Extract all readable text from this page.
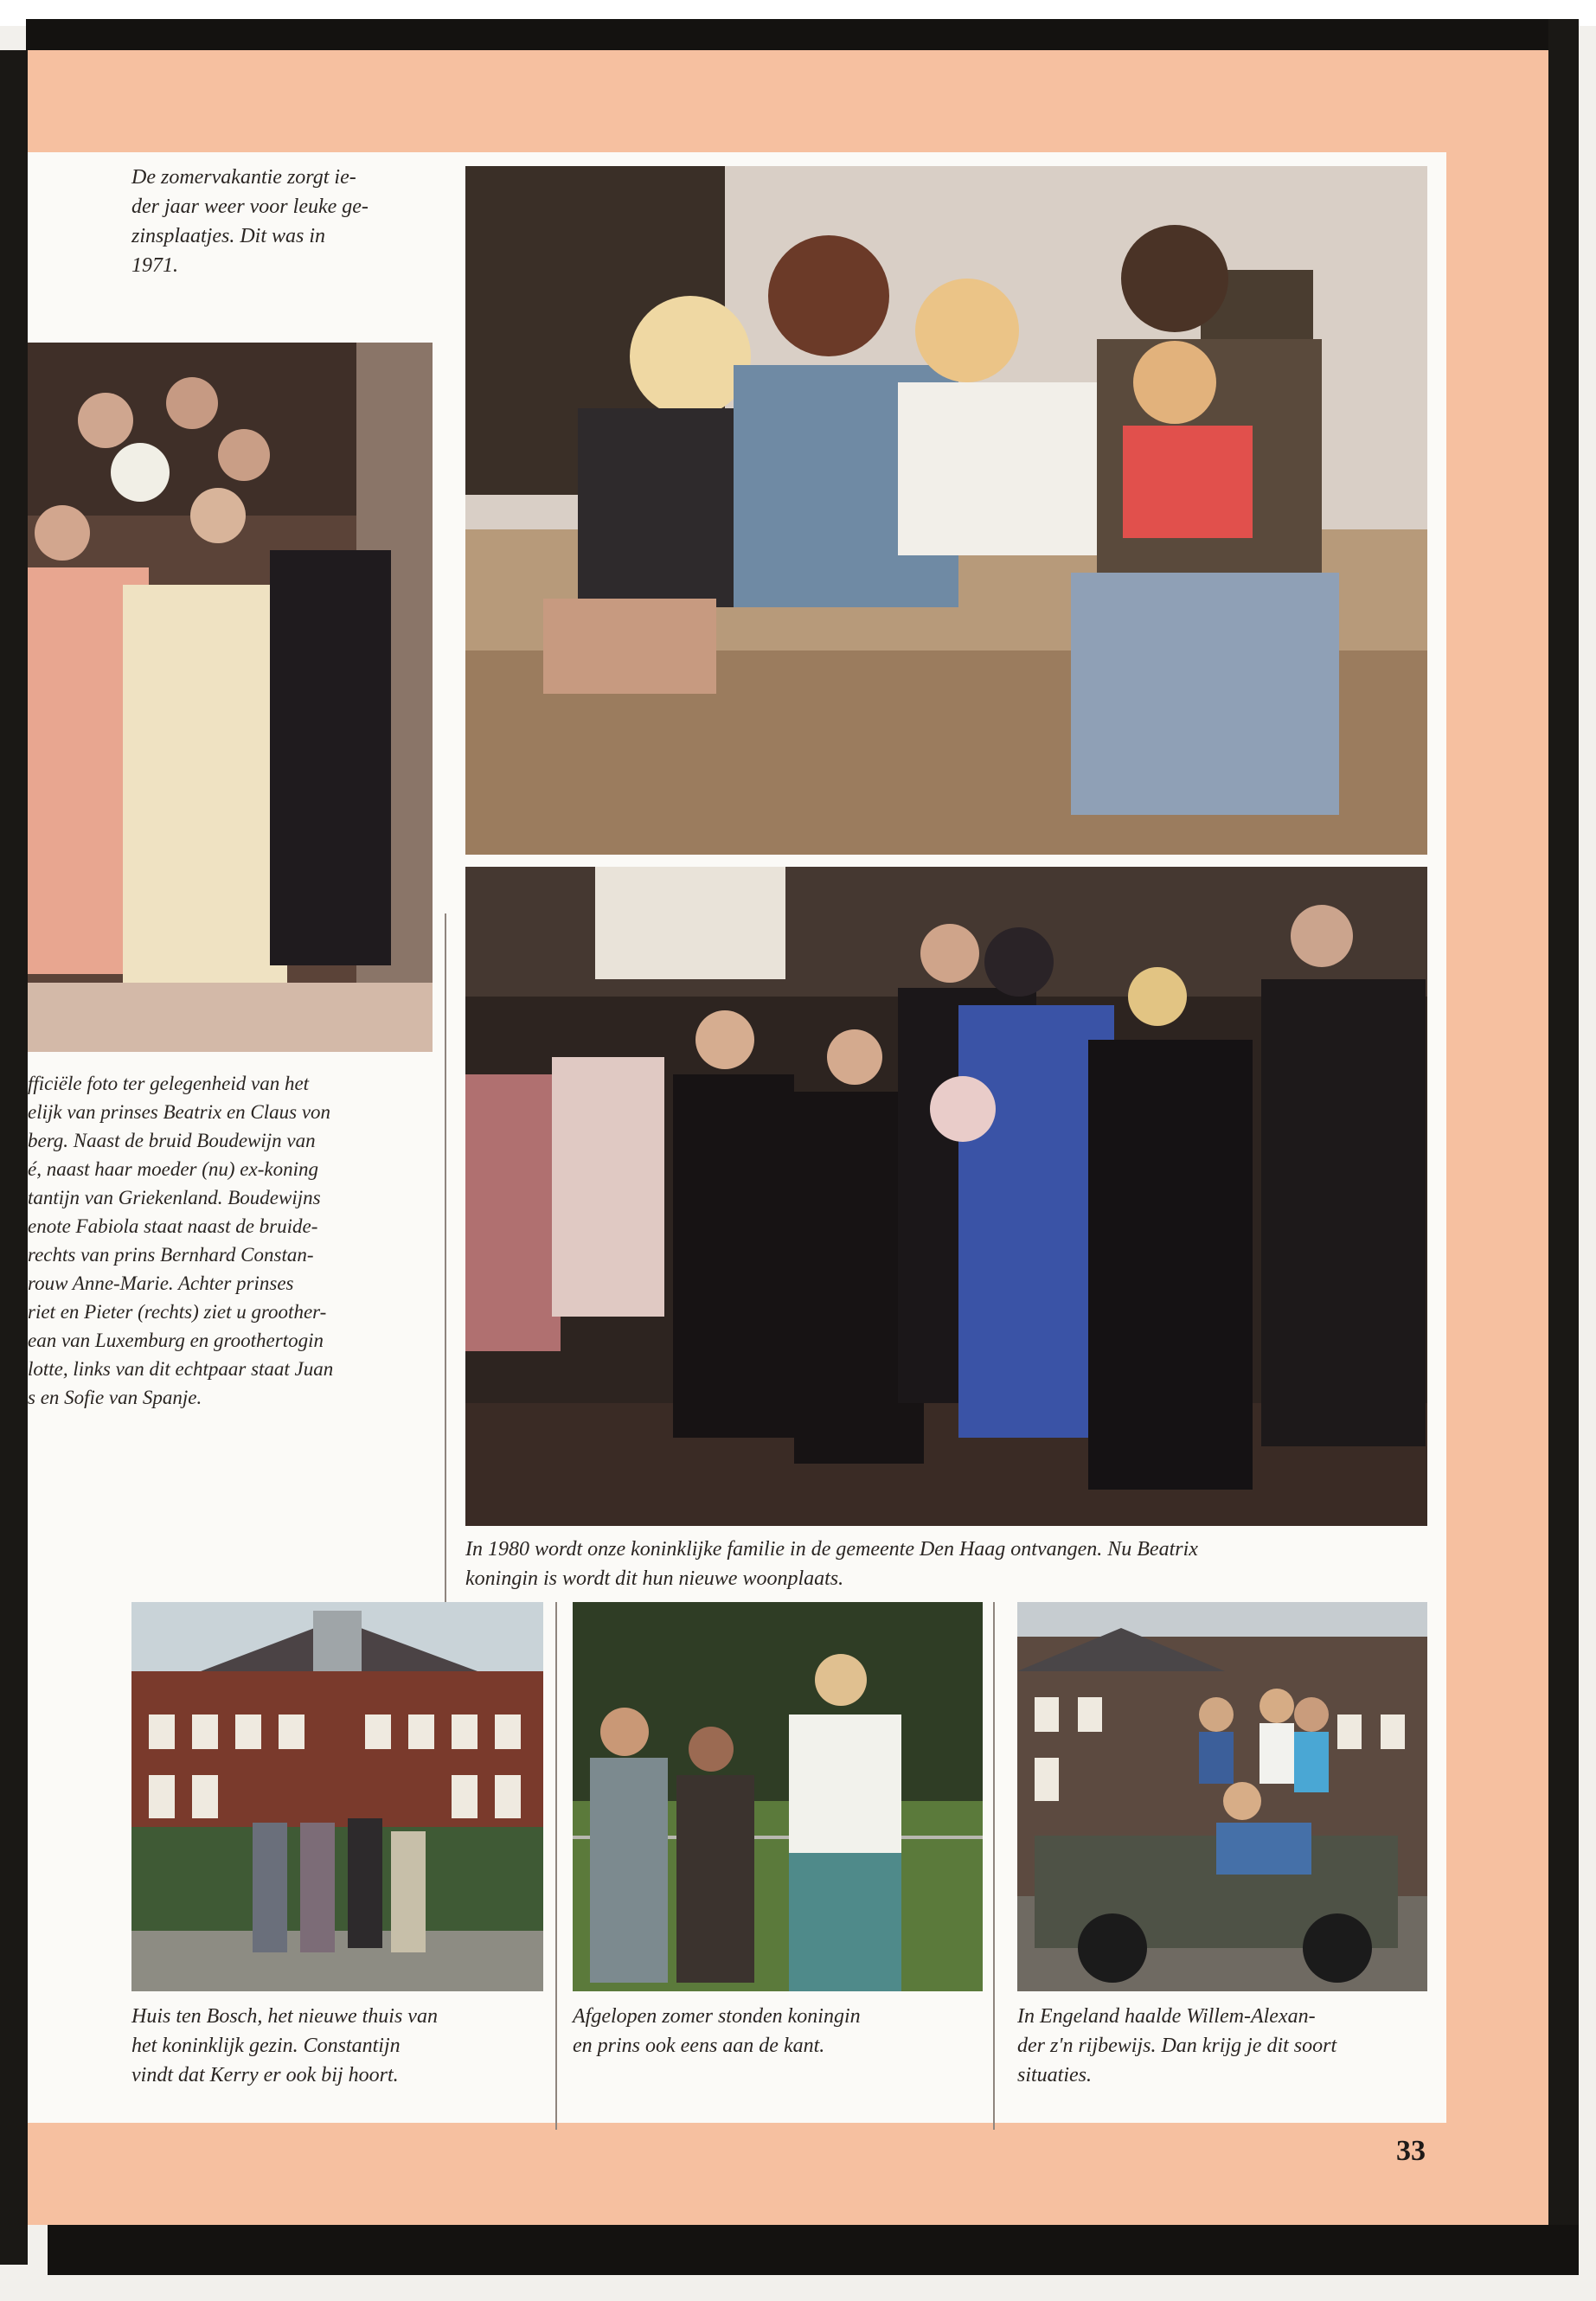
De zomervakantie zorgt ie-
der jaar weer voor leuke ge-
zinsplaatjes. Dit was in
1971.
fficiële foto ter gelegenheid van het
elijk van prinses Beatrix en Claus von
berg. Naast de bruid Boudewijn van
é, naast haar moeder (nu) ex-koning
tantijn van Griekenland. Boudewijns
enote Fabiola staat naast de bruide-
rechts van prins Bernhard Constan-
rouw Anne-Marie. Achter prinses
riet en Pieter (rechts) ziet u groother-
ean van Luxemburg en groothertogin
lotte, links van dit echtpaar staat Juan
s en Sofie van Spanje.
In 1980 wordt onze koninklijke familie in de gemeente Den Haag ontvangen. Nu Beatrix
koningin is wordt dit hun nieuwe woonplaats.
Huis ten Bosch, het nieuwe thuis van
het koninklijk gezin. Constantijn
vindt dat Kerry er ook bij hoort.
Afgelopen zomer stonden koningin
en prins ook eens aan de kant.
In Engeland haalde Willem-Alexan-
der z'n rijbewijs. Dan krijg je dit soort
situaties.
33
